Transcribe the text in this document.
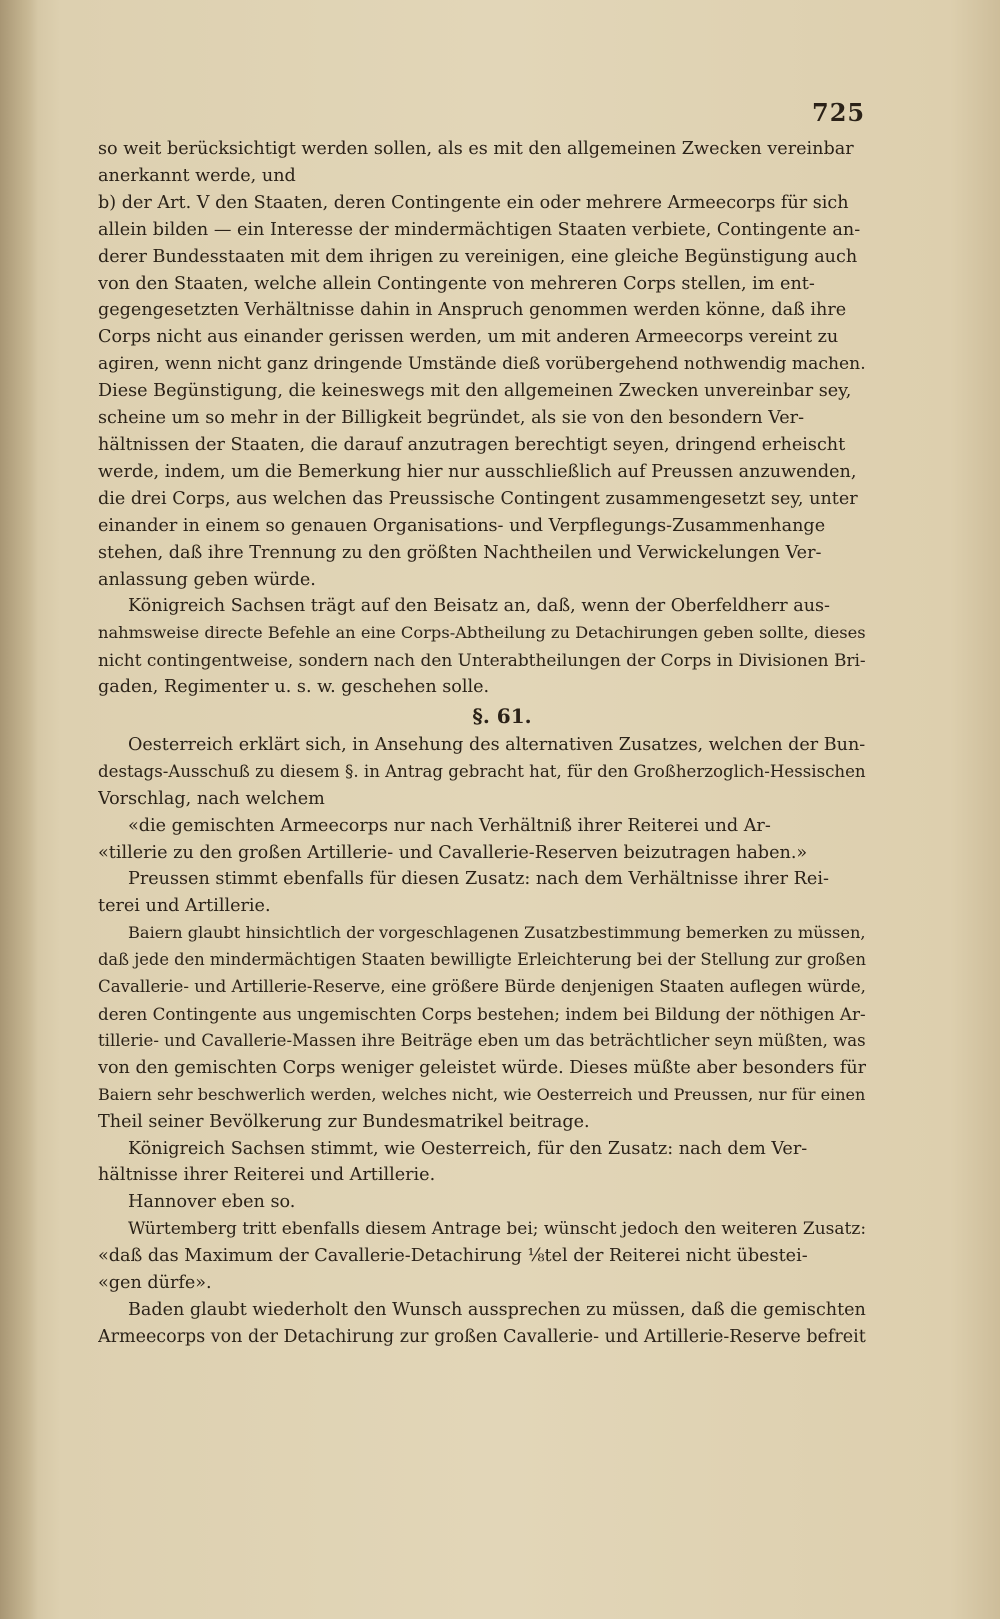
725
so weit berücksichtigt werden sollen, als es mit den allgemeinen Zwecken vereinbar
anerkannt werde, und
b) der Art. V den Staaten, deren Contingente ein oder mehrere Armeecorps für sich
allein bilden — ein Interesse der mindermächtigen Staaten verbiete, Contingente an-
derer Bundesstaaten mit dem ihrigen zu vereinigen, eine gleiche Begünstigung auch
von den Staaten, welche allein Contingente von mehreren Corps stellen, im ent-
gegengesetzten Verhältnisse dahin in Anspruch genommen werden könne, daß ihre
Corps nicht aus einander gerissen werden, um mit anderen Armeecorps vereint zu
agiren, wenn nicht ganz dringende Umstände dieß vorübergehend nothwendig machen.
Diese Begünstigung, die keineswegs mit den allgemeinen Zwecken unvereinbar sey,
scheine um so mehr in der Billigkeit begründet, als sie von den besondern Ver-
hältnissen der Staaten, die darauf anzutragen berechtigt seyen, dringend erheischt
werde, indem, um die Bemerkung hier nur ausschließlich auf Preussen anzuwenden,
die drei Corps, aus welchen das Preussische Contingent zusammengesetzt sey, unter
einander in einem so genauen Organisations- und Verpflegungs-Zusammenhange
stehen, daß ihre Trennung zu den größten Nachtheilen und Verwickelungen Ver-
anlassung geben würde.
Königreich Sachsen trägt auf den Beisatz an, daß, wenn der Oberfeldherr aus-
nahmsweise directe Befehle an eine Corps-Abtheilung zu Detachirungen geben sollte, dieses
nicht contingentweise, sondern nach den Unterabtheilungen der Corps in Divisionen Bri-
gaden, Regimenter u. s. w. geschehen solle.
§. 61.
Oesterreich erklärt sich, in Ansehung des alternativen Zusatzes, welchen der Bun-
destags-Ausschuß zu diesem §. in Antrag gebracht hat, für den Großherzoglich-Hessischen
Vorschlag, nach welchem
«die gemischten Armeecorps nur nach Verhältniß ihrer Reiterei und Ar-
«tillerie zu den großen Artillerie- und Cavallerie-Reserven beizutragen haben.»
Preussen stimmt ebenfalls für diesen Zusatz: nach dem Verhältnisse ihrer Rei-
terei und Artillerie.
Baiern glaubt hinsichtlich der vorgeschlagenen Zusatzbestimmung bemerken zu müssen,
daß jede den mindermächtigen Staaten bewilligte Erleichterung bei der Stellung zur großen
Cavallerie- und Artillerie-Reserve, eine größere Bürde denjenigen Staaten auflegen würde,
deren Contingente aus ungemischten Corps bestehen; indem bei Bildung der nöthigen Ar-
tillerie- und Cavallerie-Massen ihre Beiträge eben um das beträchtlicher seyn müßten, was
von den gemischten Corps weniger geleistet würde. Dieses müßte aber besonders für
Baiern sehr beschwerlich werden, welches nicht, wie Oesterreich und Preussen, nur für einen
Theil seiner Bevölkerung zur Bundesmatrikel beitrage.
Königreich Sachsen stimmt, wie Oesterreich, für den Zusatz: nach dem Ver-
hältnisse ihrer Reiterei und Artillerie.
Hannover eben so.
Würtemberg tritt ebenfalls diesem Antrage bei; wünscht jedoch den weiteren Zusatz:
«daß das Maximum der Cavallerie-Detachirung ⅛tel der Reiterei nicht übestei-
«gen dürfe».
Baden glaubt wiederholt den Wunsch aussprechen zu müssen, daß die gemischten
Armeecorps von der Detachirung zur großen Cavallerie- und Artillerie-Reserve befreit
